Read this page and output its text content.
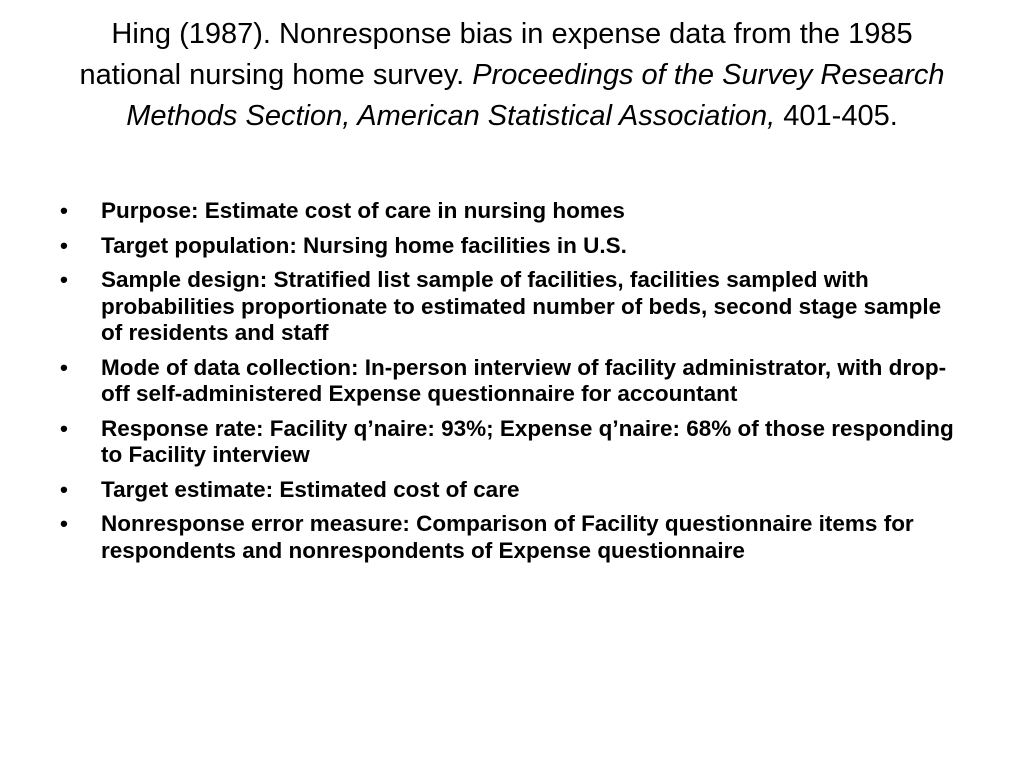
Hing (1987). Nonresponse bias in expense data from the 1985 national nursing home survey. Proceedings of the Survey Research Methods Section, American Statistical Association, 401-405.
• Purpose: Estimate cost of care in nursing homes
• Target population: Nursing home facilities in U.S.
• Sample design: Stratified list sample of facilities, facilities sampled with probabilities proportionate to estimated number of beds, second stage sample of residents and staff
• Mode of data collection: In-person interview of facility administrator, with drop-off self-administered Expense questionnaire for accountant
• Response rate: Facility q’naire: 93%; Expense q’naire: 68% of those responding to Facility interview
• Target estimate: Estimated cost of care
• Nonresponse error measure: Comparison of Facility questionnaire items for respondents and nonrespondents of Expense questionnaire
